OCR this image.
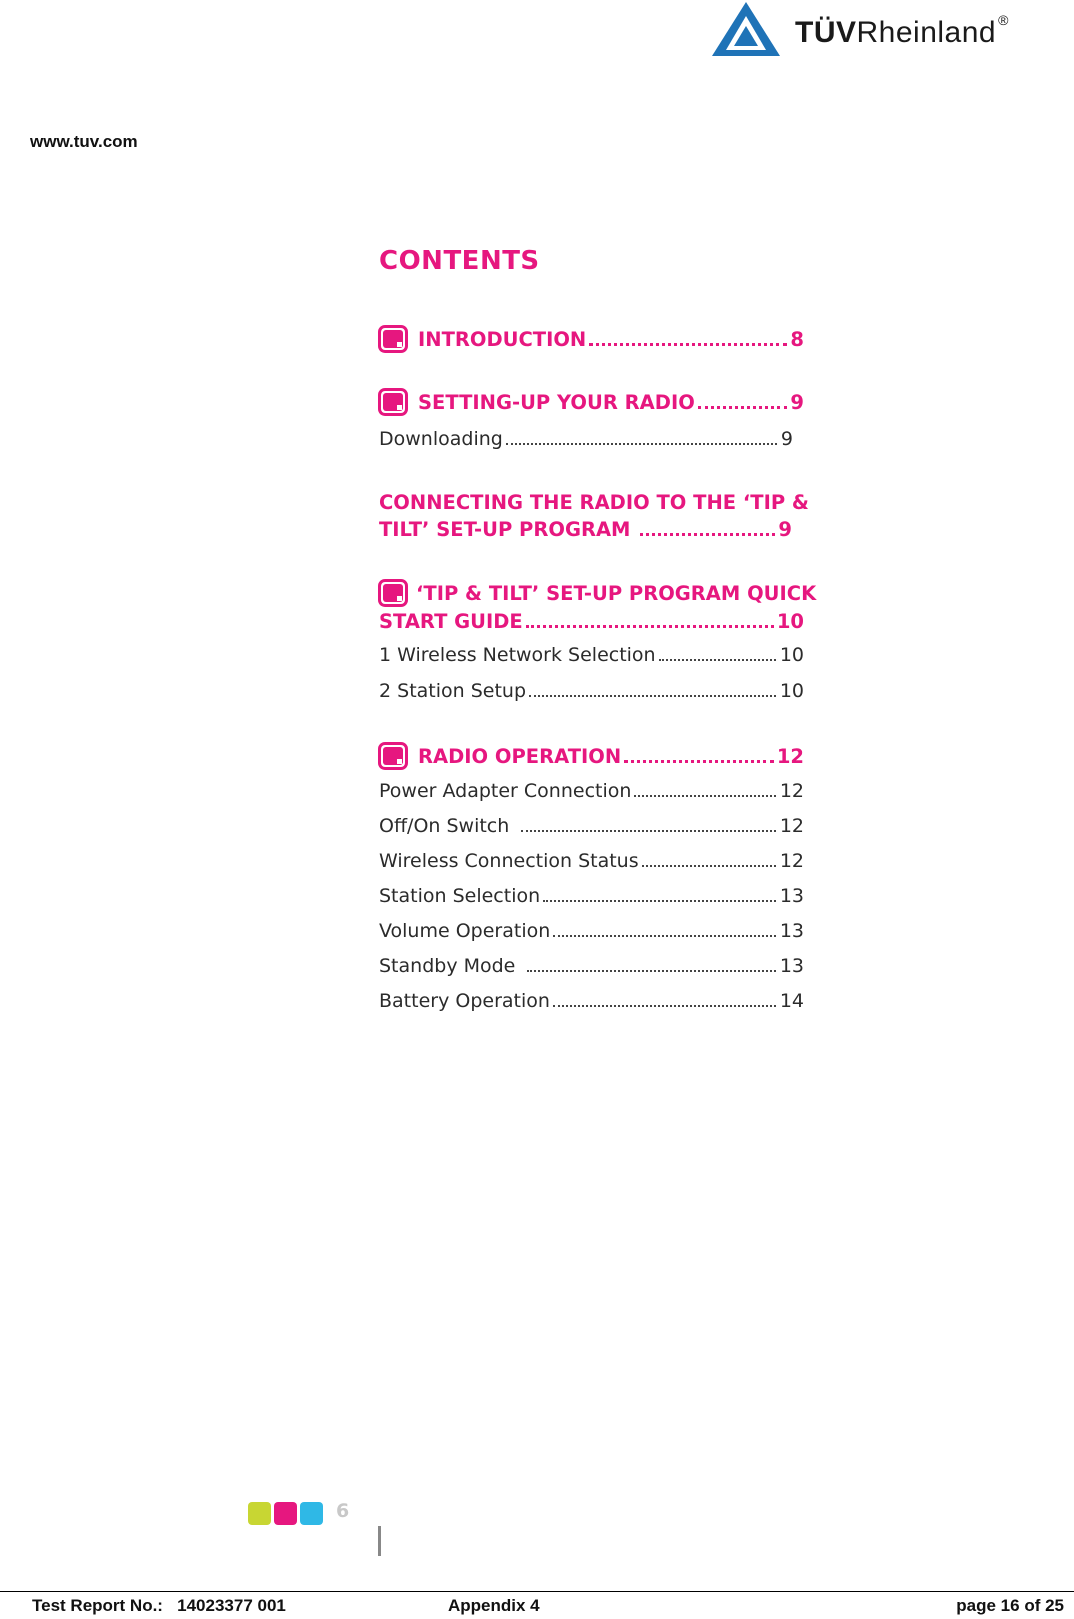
TÜVRheinland ®
www.tuv.com
CONTENTS
INTRODUCTION	8
SETTING-UP YOUR RADIO	9
Downloading	9
CONNECTING THE RADIO TO THE ‘TIP &
TILT’ SET-UP PROGRAM	9
‘TIP & TILT’ SET-UP PROGRAM QUICK
START GUIDE	10
1 Wireless Network Selection	10
2 Station Setup	10
RADIO OPERATION	12
Power Adapter Connection	12
Off/On Switch	12
Wireless Connection Status	12
Station Selection	13
Volume Operation	13
Standby Mode	13
Battery Operation	14
6
Test Report No.: 14023377 001	Appendix 4	page 16 of 25
